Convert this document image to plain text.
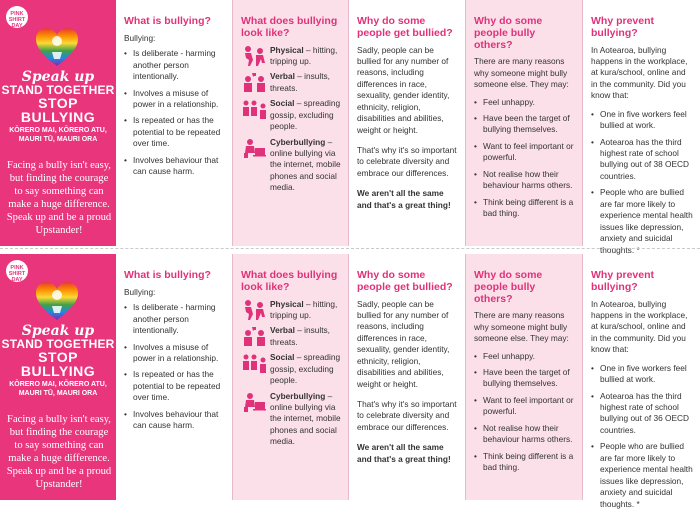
PINK
SHIRT
DAY
Speak up
STAND TOGETHER
STOP BULLYING
KŌRERO MAI, KŌRERO ATU,
MAURI TŪ, MAURI ORA
Facing a bully isn't easy, but finding the courage to say something can make a huge difference. Speak up and be a proud Upstander!
What is bullying?

Bullying:

• Is deliberate - harming another person intentionally.
• Involves a misuse of power in a relationship.
• Is repeated or has the potential to be repeated over time.
• Involves behaviour that can cause harm.
What does bullying look like?
Physical – hitting, tripping up.
Verbal – insults, threats.
Social – spreading gossip, excluding people.
Cyberbullying – online bullying via the internet, mobile phones and social media.
Why do some people get bullied?

Sadly, people can be bullied for any number of reasons, including differences in race, sexuality, gender identity, ethnicity, religion, disabilities and abilities, weight or height.

That's why it's so important to celebrate diversity and embrace our differences.

We aren't all the same and that's a great thing!

Why do some people bully others?

There are many reasons why someone might bully someone else. They may:

• Feel unhappy.
• Have been the target of bullying themselves.
• Want to feel important or powerful.
• Not realise how their behaviour harms others.
• Think being different is a bad thing.
Why prevent bullying?

In Aotearoa, bullying happens in the workplace, at kura/school, online and in the community. Did you know that:

• One in five workers feel bullied at work.
• Aotearoa has the third highest rate of school bullying out of 38 OECD countries.
• People who are bullied are far more likely to experience mental health issues like depression, anxiety and suicidal thoughts. *
PINK
SHIRT
DAY
Speak up
STAND TOGETHER
STOP BULLYING
KŌRERO MAI, KŌRERO ATU,
MAURI TŪ, MAURI ORA
Facing a bully isn't easy, but finding the courage to say something can make a huge difference. Speak up and be a proud Upstander!
What is bullying?

Bullying:

• Is deliberate - harming another person intentionally.
• Involves a misuse of power in a relationship.
• Is repeated or has the potential to be repeated over time.
• Involves behaviour that can cause harm.
What does bullying look like?
Physical – hitting, tripping up.
Verbal – insults, threats.
Social – spreading gossip, excluding people.
Cyberbullying – online bullying via the internet, mobile phones and social media.
Why do some people get bullied?

Sadly, people can be bullied for any number of reasons, including differences in race, sexuality, gender identity, ethnicity, religion, disabilities and abilities, weight or height.

That's why it's so important to celebrate diversity and embrace our differences.

We aren't all the same and that's a great thing!

Why do some people bully others?

There are many reasons why someone might bully someone else. They may:

• Feel unhappy.
• Have been the target of bullying themselves.
• Want to feel important or powerful.
• Not realise how their behaviour harms others.
• Think being different is a bad thing.
Why prevent bullying?

In Aotearoa, bullying happens in the workplace, at kura/school, online and in the community. Did you know that:

• One in five workers feel bullied at work.
• Aotearoa has the third highest rate of school bullying out of 36 OECD countries.
• People who are bullied are far more likely to experience mental health issues like depression, anxiety and suicidal thoughts. *
